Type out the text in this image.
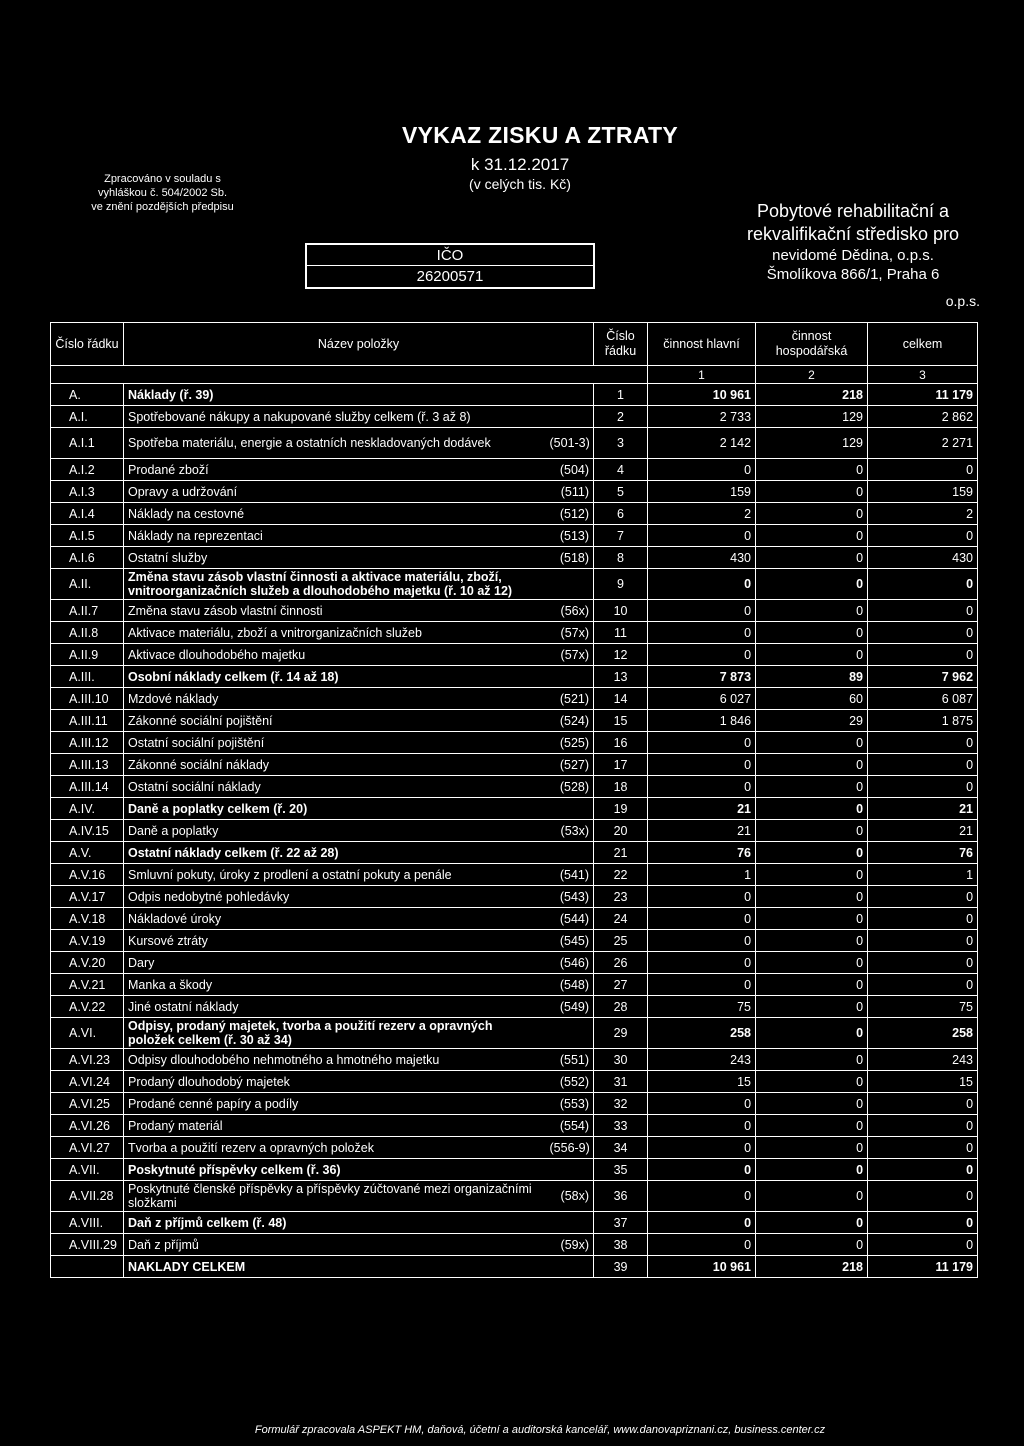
Zpracováno v souladu s
vyhláškou č. 504/2002 Sb.
ve znění pozdějších předpisu
VYKAZ ZISKU A ZTRATY
k 31.12.2017
(v celých tis. Kč)
IČO
26200571
Pobytové rehabilitační a
rekvalifikační středisko pro
nevidomé Dědina, o.p.s.
Šmolíkova 866/1, Praha 6
o.p.s.
Číslo řádku	Název položky		Číslo řádku	činnost hlavní	činnost hospodářská	celkem
				1	2	3
A.	Náklady (ř. 39)		1	10 961	218	11 179
A.I.	Spotřebované nákupy a nakupované služby celkem (ř. 3 až 8)		2	2 733	129	2 862
A.I.1	Spotřeba materiálu, energie a ostatních neskladovaných dodávek	(501-3)	3	2 142	129	2 271
A.I.2	Prodané zboží	(504)	4	0	0	0
A.I.3	Opravy a udržování	(511)	5	159	0	159
A.I.4	Náklady na cestovné	(512)	6	2	0	2
A.I.5	Náklady na reprezentaci	(513)	7	0	0	0
A.I.6	Ostatní služby	(518)	8	430	0	430
A.II.	Změna stavu zásob vlastní činnosti a aktivace materiálu, zboží, vnitroorganizačních služeb a dlouhodobého majetku (ř. 10 až 12)		9	0	0	0
A.II.7	Změna stavu zásob vlastní činnosti	(56x)	10	0	0	0
A.II.8	Aktivace materiálu, zboží a vnitrorganizačních služeb	(57x)	11	0	0	0
A.II.9	Aktivace dlouhodobého majetku	(57x)	12	0	0	0
A.III.	Osobní náklady celkem (ř. 14 až 18)		13	7 873	89	7 962
A.III.10	Mzdové náklady	(521)	14	6 027	60	6 087
A.III.11	Zákonné sociální pojištění	(524)	15	1 846	29	1 875
A.III.12	Ostatní sociální pojištění	(525)	16	0	0	0
A.III.13	Zákonné sociální náklady	(527)	17	0	0	0
A.III.14	Ostatní sociální náklady	(528)	18	0	0	0
A.IV.	Daně a poplatky celkem (ř. 20)		19	21	0	21
A.IV.15	Daně a poplatky	(53x)	20	21	0	21
A.V.	Ostatní náklady celkem (ř. 22 až 28)		21	76	0	76
A.V.16	Smluvní pokuty, úroky z prodlení a ostatní pokuty a penále	(541)	22	1	0	1
A.V.17	Odpis nedobytné pohledávky	(543)	23	0	0	0
A.V.18	Nákladové úroky	(544)	24	0	0	0
A.V.19	Kursové ztráty	(545)	25	0	0	0
A.V.20	Dary	(546)	26	0	0	0
A.V.21	Manka a škody	(548)	27	0	0	0
A.V.22	Jiné ostatní náklady	(549)	28	75	0	75
A.VI.	Odpisy, prodaný majetek, tvorba a použití rezerv a opravných položek celkem (ř. 30 až 34)		29	258	0	258
A.VI.23	Odpisy dlouhodobého nehmotného a hmotného majetku	(551)	30	243	0	243
A.VI.24	Prodaný dlouhodobý majetek	(552)	31	15	0	15
A.VI.25	Prodané cenné papíry a podíly	(553)	32	0	0	0
A.VI.26	Prodaný materiál	(554)	33	0	0	0
A.VI.27	Tvorba a použití rezerv a opravných položek	(556-9)	34	0	0	0
A.VII.	Poskytnuté příspěvky celkem (ř. 36)		35	0	0	0
A.VII.28	Poskytnuté členské příspěvky a příspěvky zúčtované mezi organizačními složkami	(58x)	36	0	0	0
A.VIII.	Daň z příjmů celkem (ř. 48)		37	0	0	0
A.VIII.29	Daň z příjmů	(59x)	38	0	0	0

	NAKLADY CELKEM		39	10 961	218	11 179
Formulář zpracovala ASPEKT HM, daňová, účetní a auditorská kancelář, www.danovapriznani.cz, business.center.cz
